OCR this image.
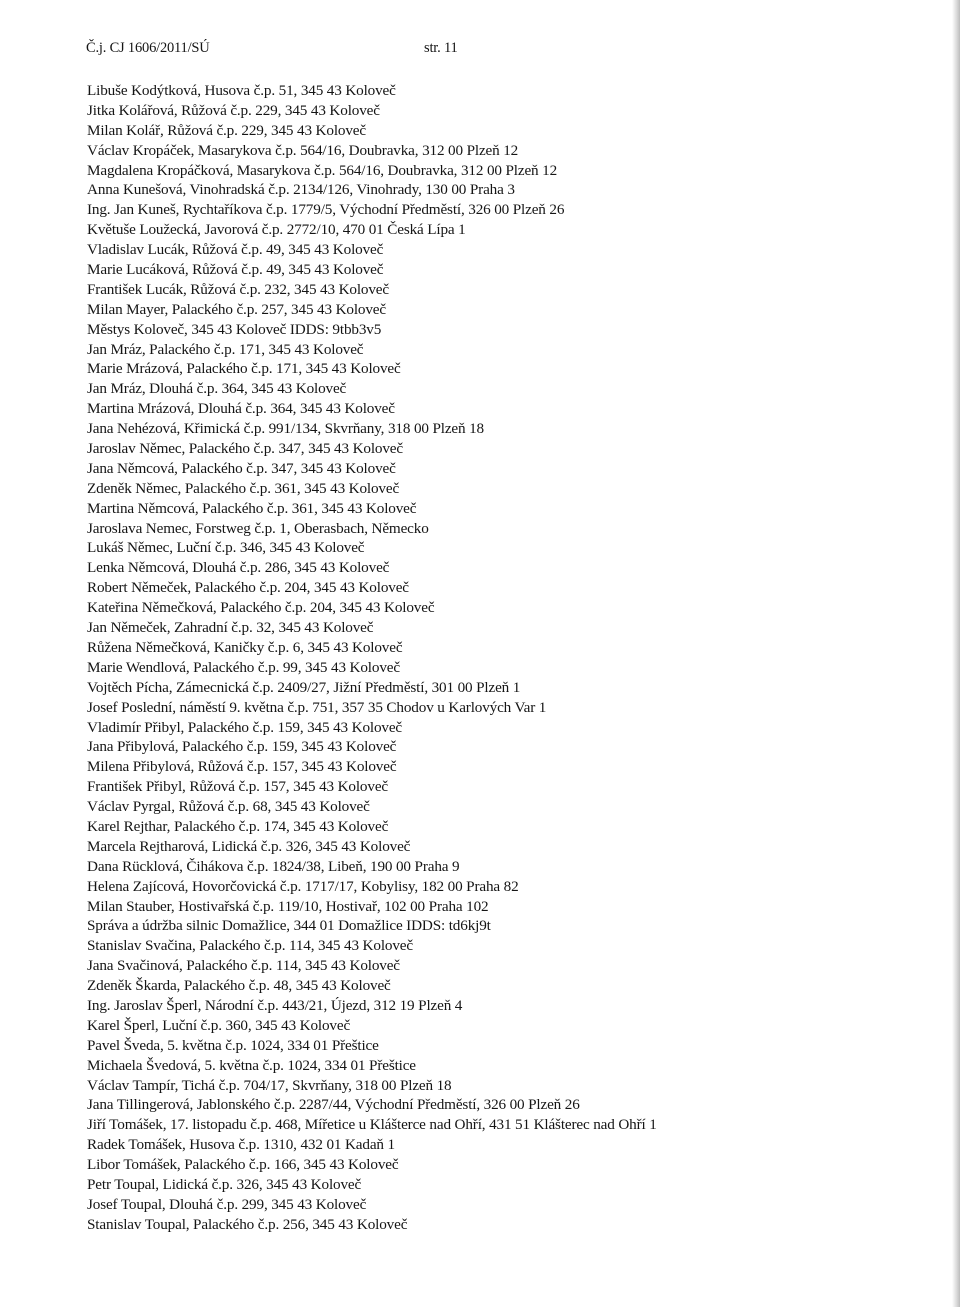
Č.j. CJ 1606/2011/SÚ	str. 11
Libuše Kodýtková, Husova č.p. 51, 345 43 Koloveč
Jitka Kolářová, Růžová č.p. 229, 345 43 Koloveč
Milan Kolář, Růžová č.p. 229, 345 43 Koloveč
Václav Kropáček, Masarykova č.p. 564/16, Doubravka, 312 00 Plzeň 12
Magdalena Kropáčková, Masarykova č.p. 564/16, Doubravka, 312 00 Plzeň 12
Anna Kunešová, Vinohradská č.p. 2134/126, Vinohrady, 130 00 Praha 3
Ing. Jan Kuneš, Rychtaříkova č.p. 1779/5, Východní Předměstí, 326 00 Plzeň 26
Květuše Loužecká, Javorová č.p. 2772/10, 470 01 Česká Lípa 1
Vladislav Lucák, Růžová č.p. 49, 345 43 Koloveč
Marie Lucáková, Růžová č.p. 49, 345 43 Koloveč
František Lucák, Růžová č.p. 232, 345 43 Koloveč
Milan Mayer, Palackého č.p. 257, 345 43 Koloveč
Městys Koloveč, 345 43 Koloveč IDDS: 9tbb3v5
Jan Mráz, Palackého č.p. 171, 345 43 Koloveč
Marie Mrázová, Palackého č.p. 171, 345 43 Koloveč
Jan Mráz, Dlouhá č.p. 364, 345 43 Koloveč
Martina Mrázová, Dlouhá č.p. 364, 345 43 Koloveč
Jana Nehézová, Křimická č.p. 991/134, Skvrňany, 318 00 Plzeň 18
Jaroslav Němec, Palackého č.p. 347, 345 43 Koloveč
Jana Němcová, Palackého č.p. 347, 345 43 Koloveč
Zdeněk Němec, Palackého č.p. 361, 345 43 Koloveč
Martina Němcová, Palackého č.p. 361, 345 43 Koloveč
Jaroslava Nemec, Forstweg č.p. 1, Oberasbach, Německo
Lukáš Němec, Luční č.p. 346, 345 43 Koloveč
Lenka Němcová, Dlouhá č.p. 286, 345 43 Koloveč
Robert Němeček, Palackého č.p. 204, 345 43 Koloveč
Kateřina Němečková, Palackého č.p. 204, 345 43 Koloveč
Jan Němeček, Zahradní č.p. 32, 345 43 Koloveč
Růžena Němečková, Kaničky č.p. 6, 345 43 Koloveč
Marie Wendlová, Palackého č.p. 99, 345 43 Koloveč
Vojtěch Pícha, Zámecnická č.p. 2409/27, Jižní Předměstí, 301 00 Plzeň 1
Josef Poslední, náměstí 9. května č.p. 751, 357 35 Chodov u Karlových Var 1
Vladimír Přibyl, Palackého č.p. 159, 345 43 Koloveč
Jana Přibylová, Palackého č.p. 159, 345 43 Koloveč
Milena Přibylová, Růžová č.p. 157, 345 43 Koloveč
František Přibyl, Růžová č.p. 157, 345 43 Koloveč
Václav Pyrgal, Růžová č.p. 68, 345 43 Koloveč
Karel Rejthar, Palackého č.p. 174, 345 43 Koloveč
Marcela Rejtharová, Lidická č.p. 326, 345 43 Koloveč
Dana Rücklová, Čihákova č.p. 1824/38, Libeň, 190 00 Praha 9
Helena Zajícová, Hovorčovická č.p. 1717/17, Kobylisy, 182 00 Praha 82
Milan Stauber, Hostivařská č.p. 119/10, Hostivař, 102 00 Praha 102
Správa a údržba silnic Domažlice, 344 01 Domažlice IDDS: td6kj9t
Stanislav Svačina, Palackého č.p. 114, 345 43 Koloveč
Jana Svačinová, Palackého č.p. 114, 345 43 Koloveč
Zdeněk Škarda, Palackého č.p. 48, 345 43 Koloveč
Ing. Jaroslav Šperl, Národní č.p. 443/21, Újezd, 312 19 Plzeň 4
Karel Šperl, Luční č.p. 360, 345 43 Koloveč
Pavel Šveda, 5. května č.p. 1024, 334 01 Přeštice
Michaela Švedová, 5. května č.p. 1024, 334 01 Přeštice
Václav Tampír, Tichá č.p. 704/17, Skvrňany, 318 00 Plzeň 18
Jana Tillingerová, Jablonského č.p. 2287/44, Východní Předměstí, 326 00 Plzeň 26
Jiří Tomášek, 17. listopadu č.p. 468, Mířetice u Klášterce nad Ohří, 431 51 Klášterec nad Ohří 1
Radek Tomášek, Husova č.p. 1310, 432 01 Kadaň 1
Libor Tomášek, Palackého č.p. 166, 345 43 Koloveč
Petr Toupal, Lidická č.p. 326, 345 43 Koloveč
Josef Toupal, Dlouhá č.p. 299, 345 43 Koloveč
Stanislav Toupal, Palackého č.p. 256, 345 43 Koloveč
